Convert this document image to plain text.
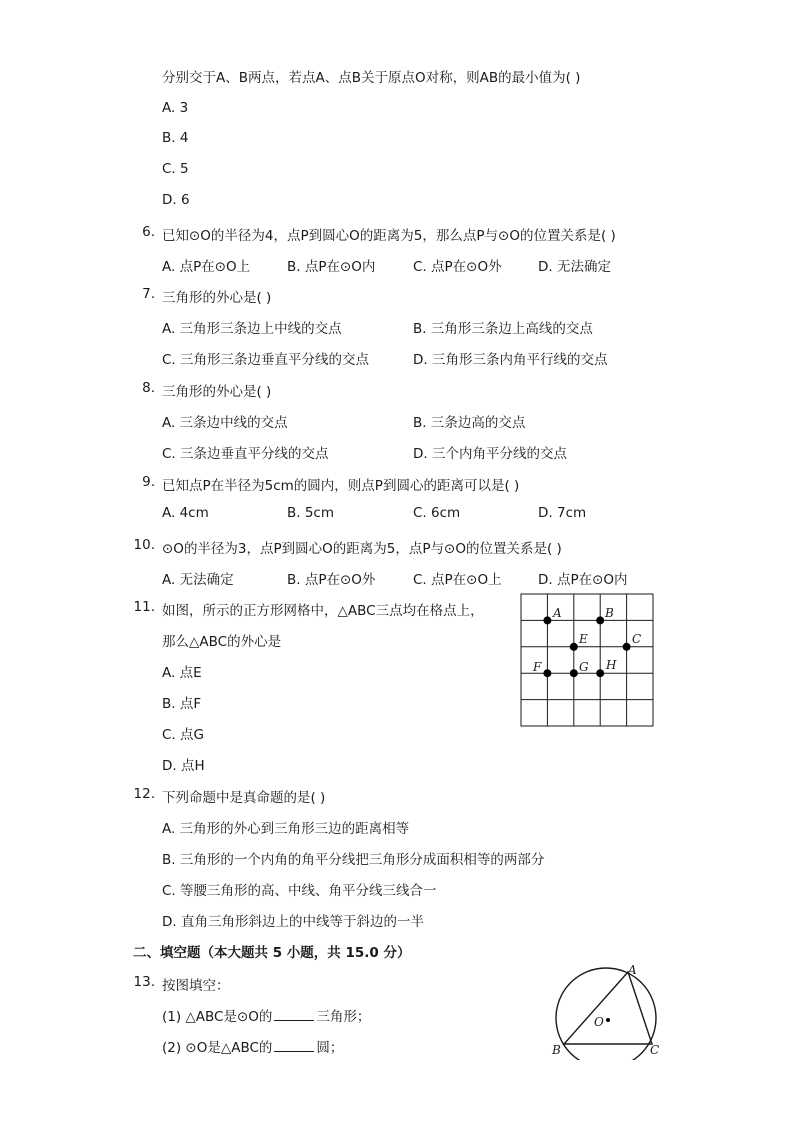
分别交于A、B两点，若点A、点B关于原点O对称，则AB的最小值为( )
A. 3
B. 4
C. 5
D. 6
6. 已知⊙O的半径为4，点P到圆心O的距离为5，那么点P与⊙O的位置关系是( )
A. 点P在⊙O上	B. 点P在⊙O内	C. 点P在⊙O外	D. 无法确定
7. 三角形的外心是( )
A. 三角形三条边上中线的交点	B. 三角形三条边上高线的交点
C. 三角形三条边垂直平分线的交点	D. 三角形三条内角平行线的交点
8. 三角形的外心是( )
A. 三条边中线的交点	B. 三条边高的交点
C. 三条边垂直平分线的交点	D. 三个内角平分线的交点
9. 已知点P在半径为5cm的圆内，则点P到圆心的距离可以是( )
A. 4cm	B. 5cm	C. 6cm	D. 7cm
10. ⊙O的半径为3，点P到圆心O的距离为5，点P与⊙O的位置关系是( )
A. 无法确定	B. 点P在⊙O外	C. 点P在⊙O上	D. 点P在⊙O内
11. 如图，所示的正方形网格中，△ABC三点均在格点上，
那么△ABC的外心是
A. 点E
B. 点F
C. 点G
D. 点H
A	B
E	C
F	G H
12. 下列命题中是真命题的是( )
A. 三角形的外心到三角形三边的距离相等
B. 三角形的一个内角的角平分线把三角形分成面积相等的两部分
C. 等腰三角形的高、中线、角平分线三线合一
D. 直角三角形斜边上的中线等于斜边的一半
二、填空题（本大题共 5 小题，共 15.0 分）
13. 按图填空：
(1) △ABC是⊙O的	三角形；
(2) ⊙O是△ABC的	圆；
A
O
B	C
